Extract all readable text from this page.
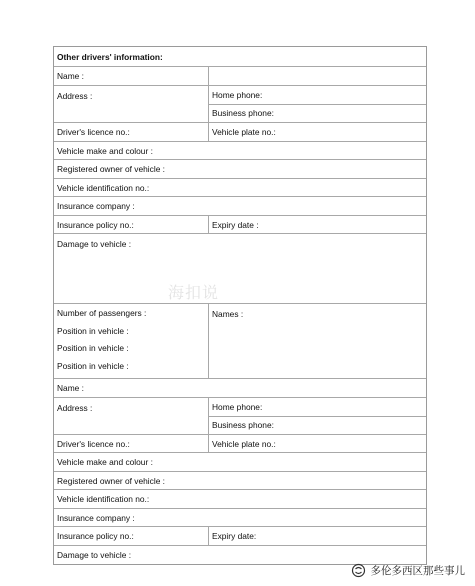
Other drivers' information:
Name :
Address :	Home phone:
Business phone:
Driver's licence no.:	Vehicle plate no.:
Vehicle make and colour :
Registered owner of vehicle :
Vehicle identification no.:
Insurance company :
Insurance policy no.:	Expiry date :
Damage to vehicle :
Number of passengers :
Position in vehicle :
Position in vehicle :
Position in vehicle :
Names :
Name :
Address :	Home phone:
Business phone:
Driver's licence no.:	Vehicle plate no.:
Vehicle make and colour :
Registered owner of vehicle :
Vehicle identification no.:
Insurance company :
Insurance policy no.:	Expiry date:
Damage to vehicle :
海扣说
多伦多西区那些事儿
